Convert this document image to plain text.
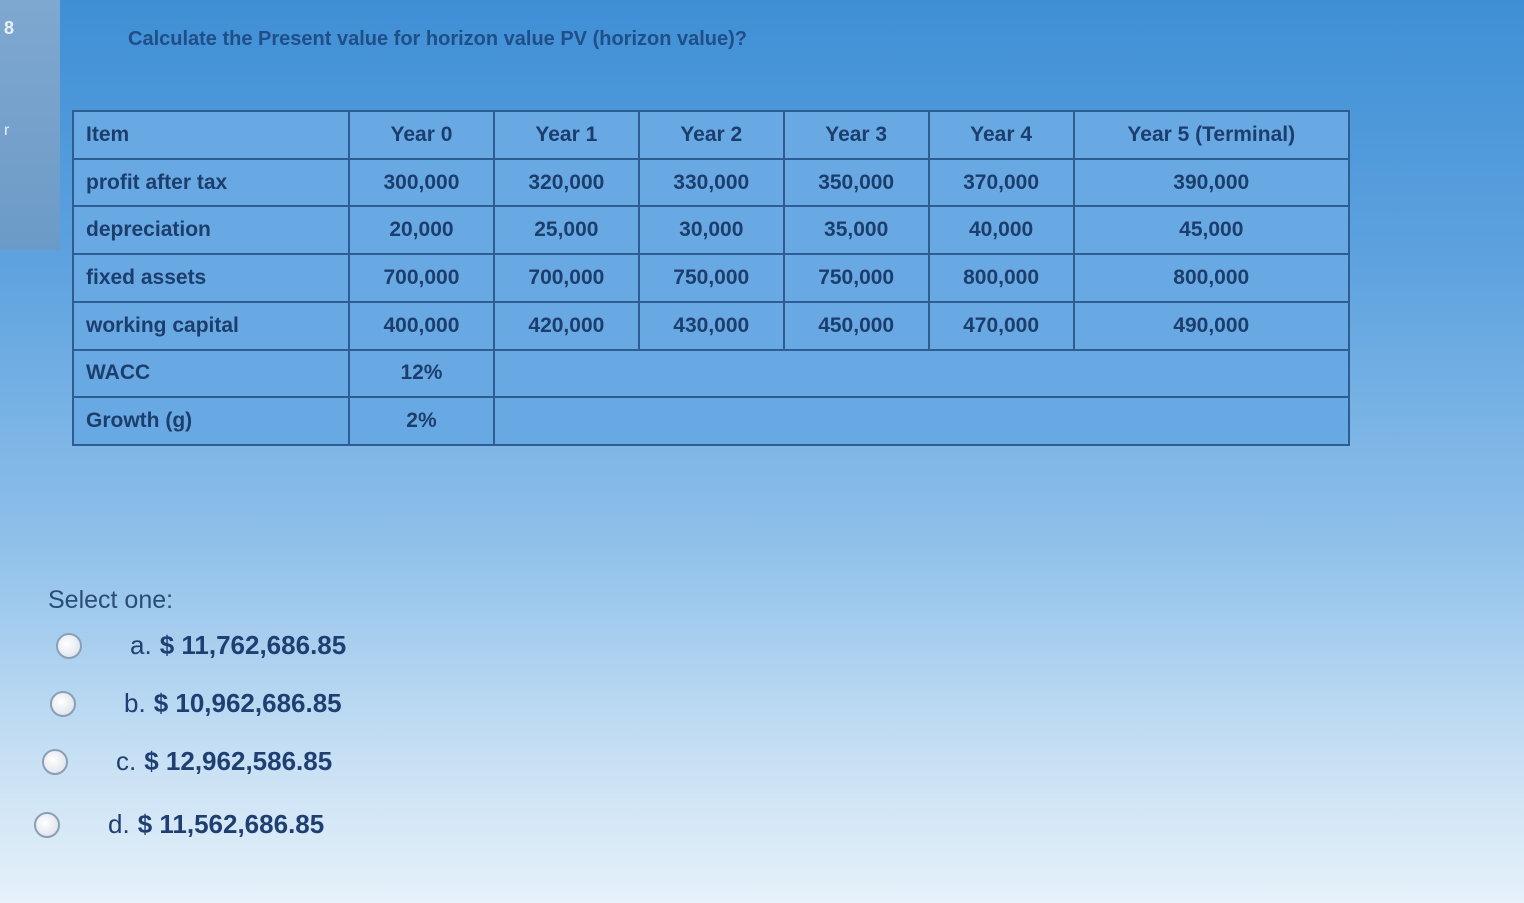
8
r
Calculate the Present value for horizon value PV (horizon value)?
Item	Year 0	Year 1	Year 2	Year 3	Year 4	Year 5 (Terminal)
profit after tax	300,000	320,000	330,000	350,000	370,000	390,000
depreciation	20,000	25,000	30,000	35,000	40,000	45,000
fixed assets	700,000	700,000	750,000	750,000	800,000	800,000
working capital	400,000	420,000	430,000	450,000	470,000	490,000
WACC	12%					
Growth (g)	2%					
Select one:
a. $ 11,762,686.85
b. $ 10,962,686.85
c. $ 12,962,586.85
d. $ 11,562,686.85
